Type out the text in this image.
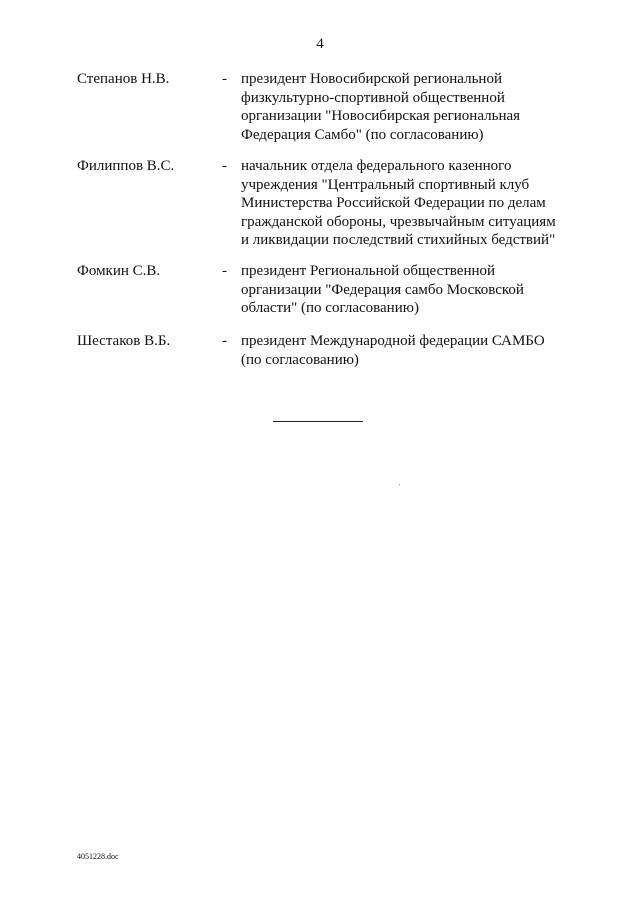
4
Степанов Н.В.	- президент Новосибирской региональной
физкультурно-спортивной общественной
организации "Новосибирская региональная
Федерация Самбо" (по согласованию)
Филиппов В.С.	- начальник отдела федерального казенного
учреждения "Центральный спортивный клуб
Министерства Российской Федерации по делам
гражданской обороны, чрезвычайным ситуациям
и ликвидации последствий стихийных бедствий"
Фомкин С.В.	- президент Региональной общественной
организации "Федерация самбо Московской
области" (по согласованию)
Шестаков В.Б.	- президент Международной федерации САМБО
(по согласованию)
4051228.doc
